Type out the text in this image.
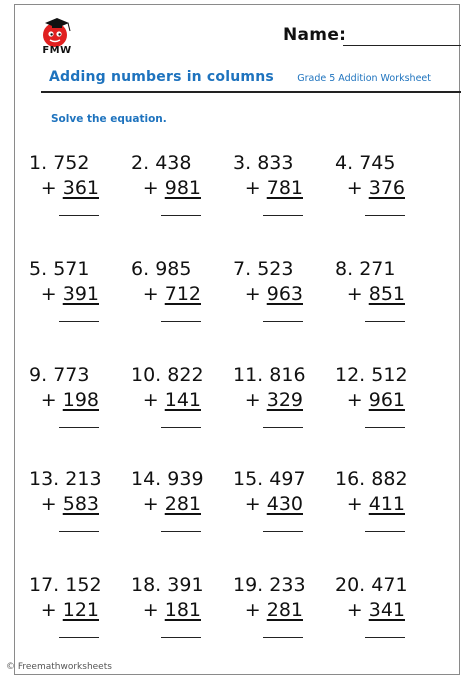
FMW
Name:
Adding numbers in columns Grade 5 Addition Worksheet
Solve the equation.
1. 752
+ 361
2. 438
+ 981
3. 833
+ 781
4. 745
+ 376
5. 571
+ 391
6. 985
+ 712
7. 523
+ 963
8. 271
+ 851
9. 773
+ 198
10. 822
+ 141
11. 816
+ 329
12. 512
+ 961
13. 213
+ 583
14. 939
+ 281
15. 497
+ 430
16. 882
+ 411
17. 152
+ 121
18. 391
+ 181
19. 233
+ 281
20. 471
+ 341
© Freemathworksheets
